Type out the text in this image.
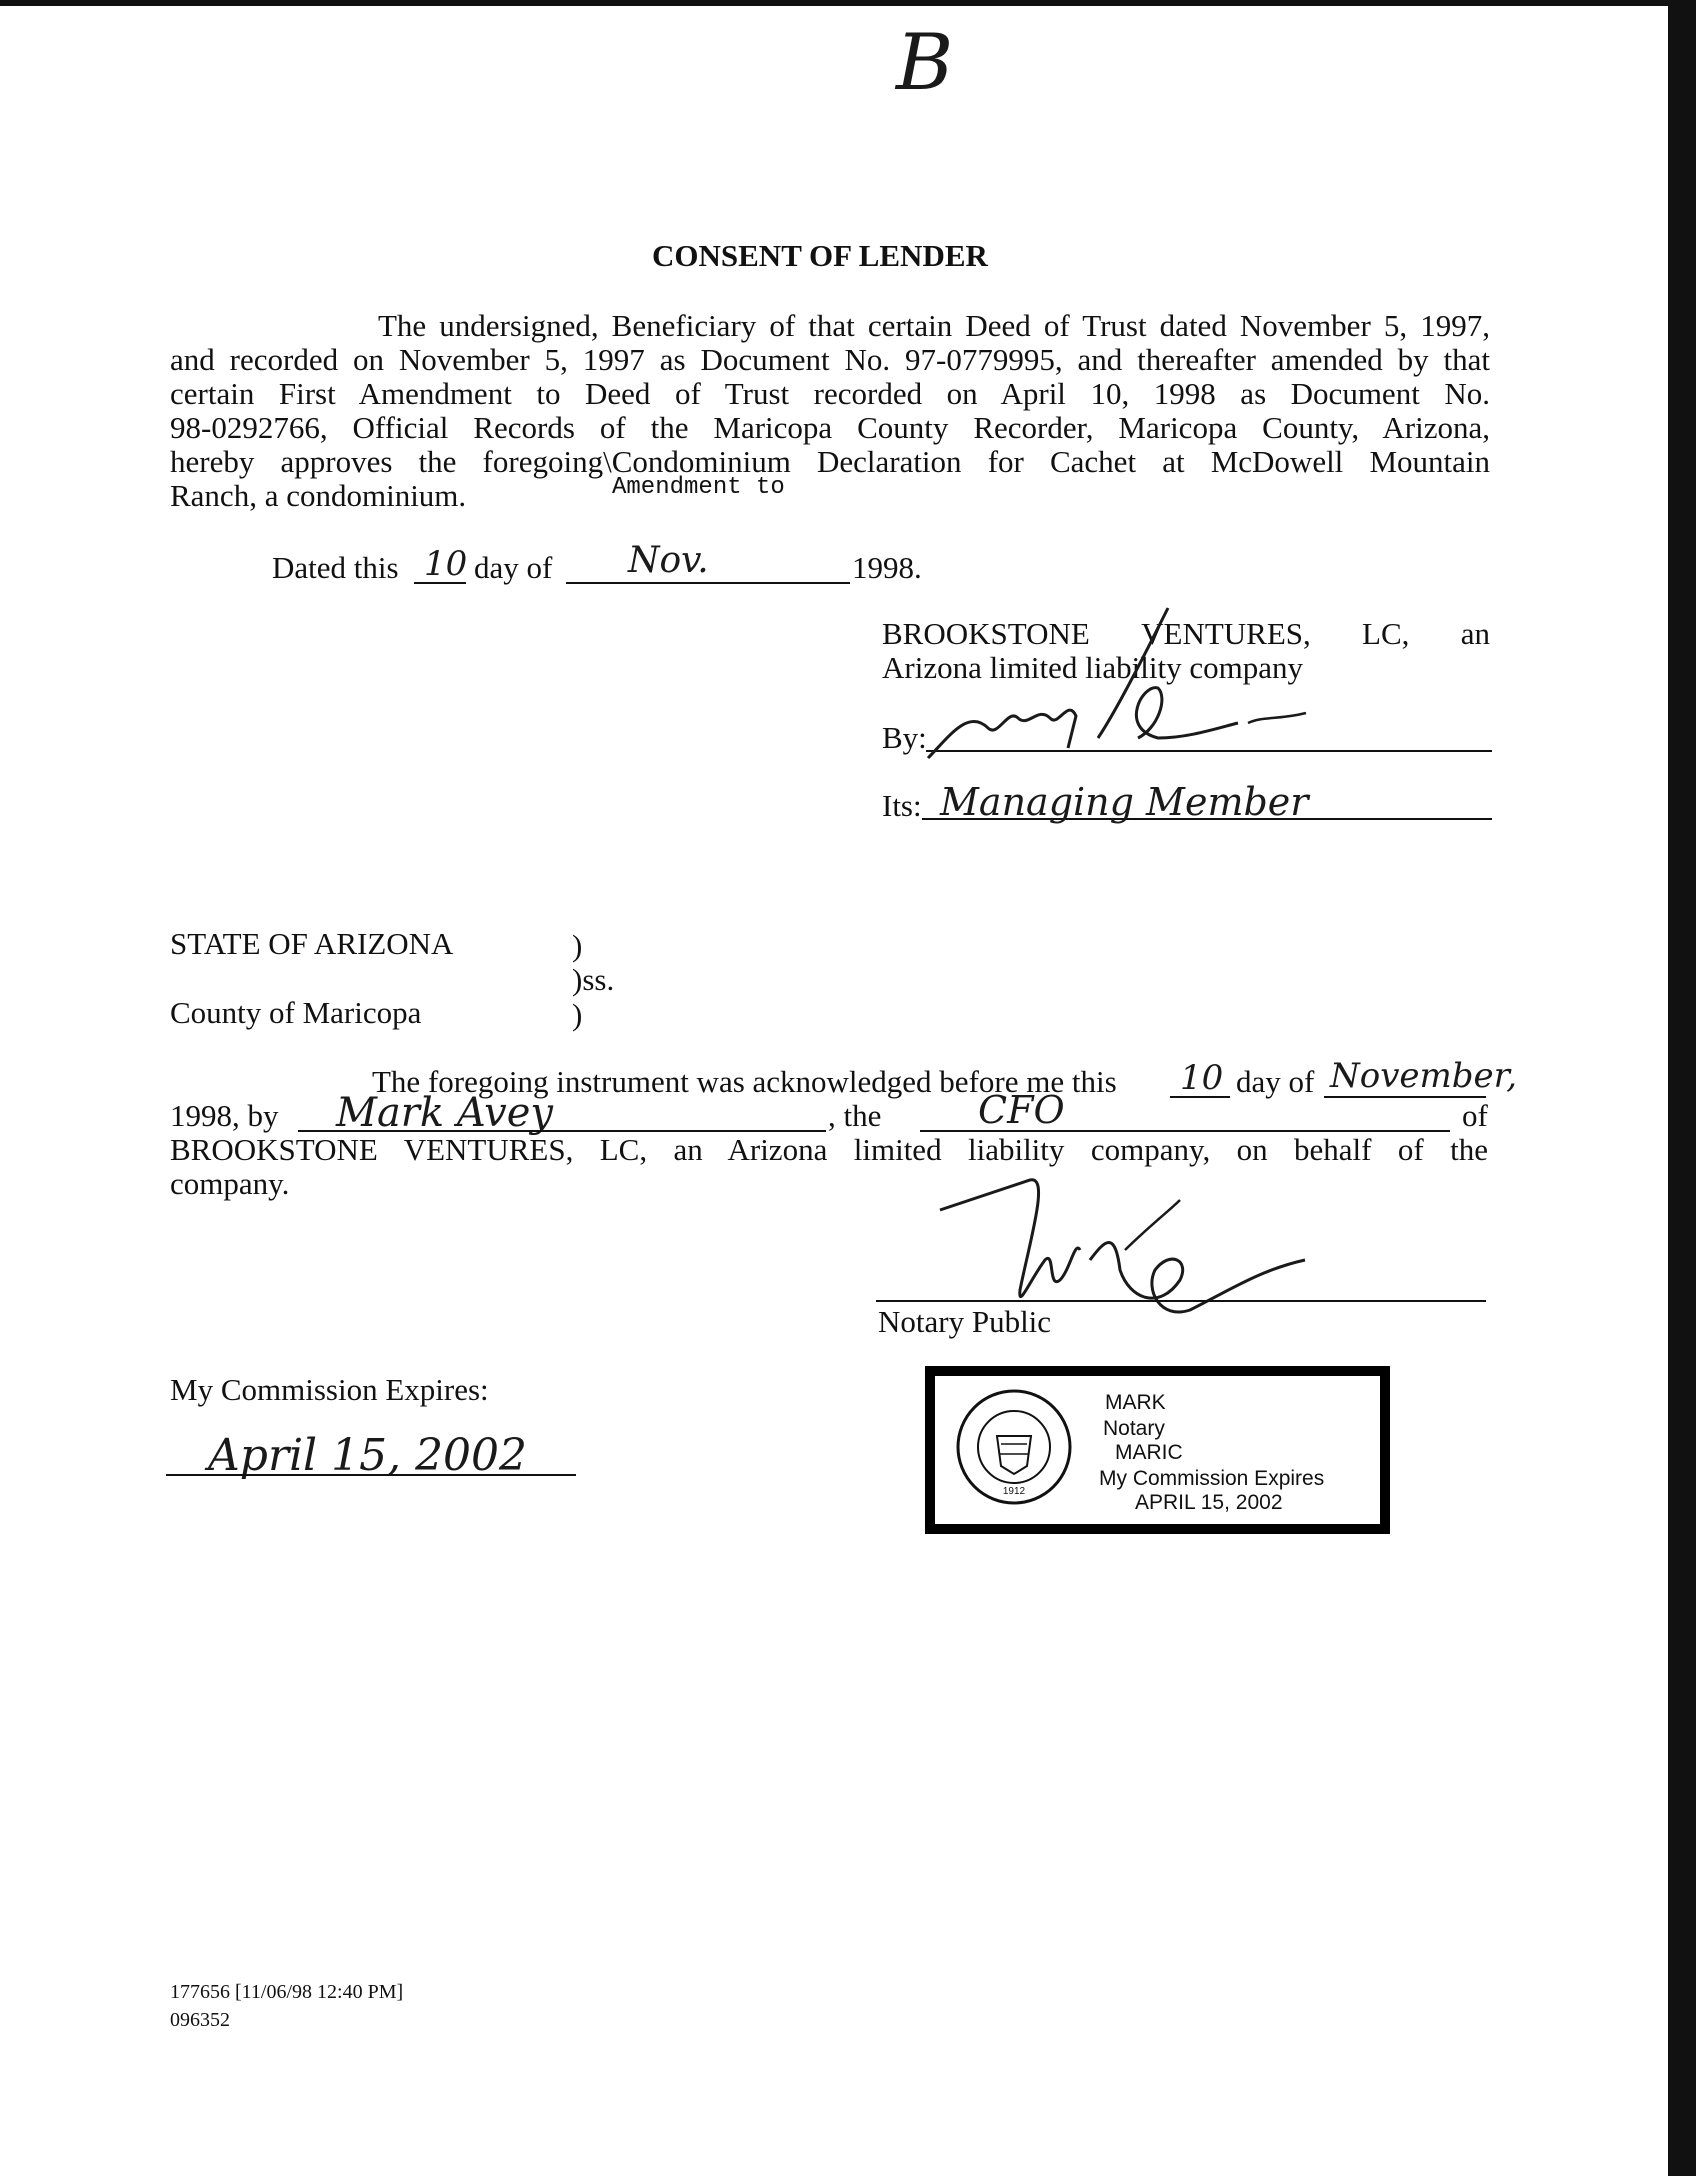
B
CONSENT OF LENDER
The undersigned, Beneficiary of that certain Deed of Trust dated November 5, 1997,
and recorded on November 5, 1997 as Document No. 97-0779995, and thereafter amended by that
certain First Amendment to Deed of Trust recorded on April 10, 1998 as Document No.
98-0292766, Official Records of the Maricopa County Recorder, Maricopa County, Arizona,
hereby approves the foregoing\Condominium Declaration for Cachet at McDowell Mountain
Ranch, a condominium.	Amendment to
Dated this 10 day of Nov.	1998.
BROOKSTONE VENTURES, LC, an
Arizona limited liability company
By:
Its: Managing Member
STATE OF ARIZONA	)
)ss.
County of Maricopa	)
The foregoing instrument was acknowledged before me this 10 day of November,
1998, by Mark Avey	, the	CFO	of
BROOKSTONE VENTURES, LC, an Arizona limited liability company, on behalf of the
company.
Notary Public
My Commission Expires:
April 15, 2002
1912
MARK
Notary
MARIC
My Commission Expires
APRIL 15, 2002
177656 [11/06/98 12:40 PM]
096352
